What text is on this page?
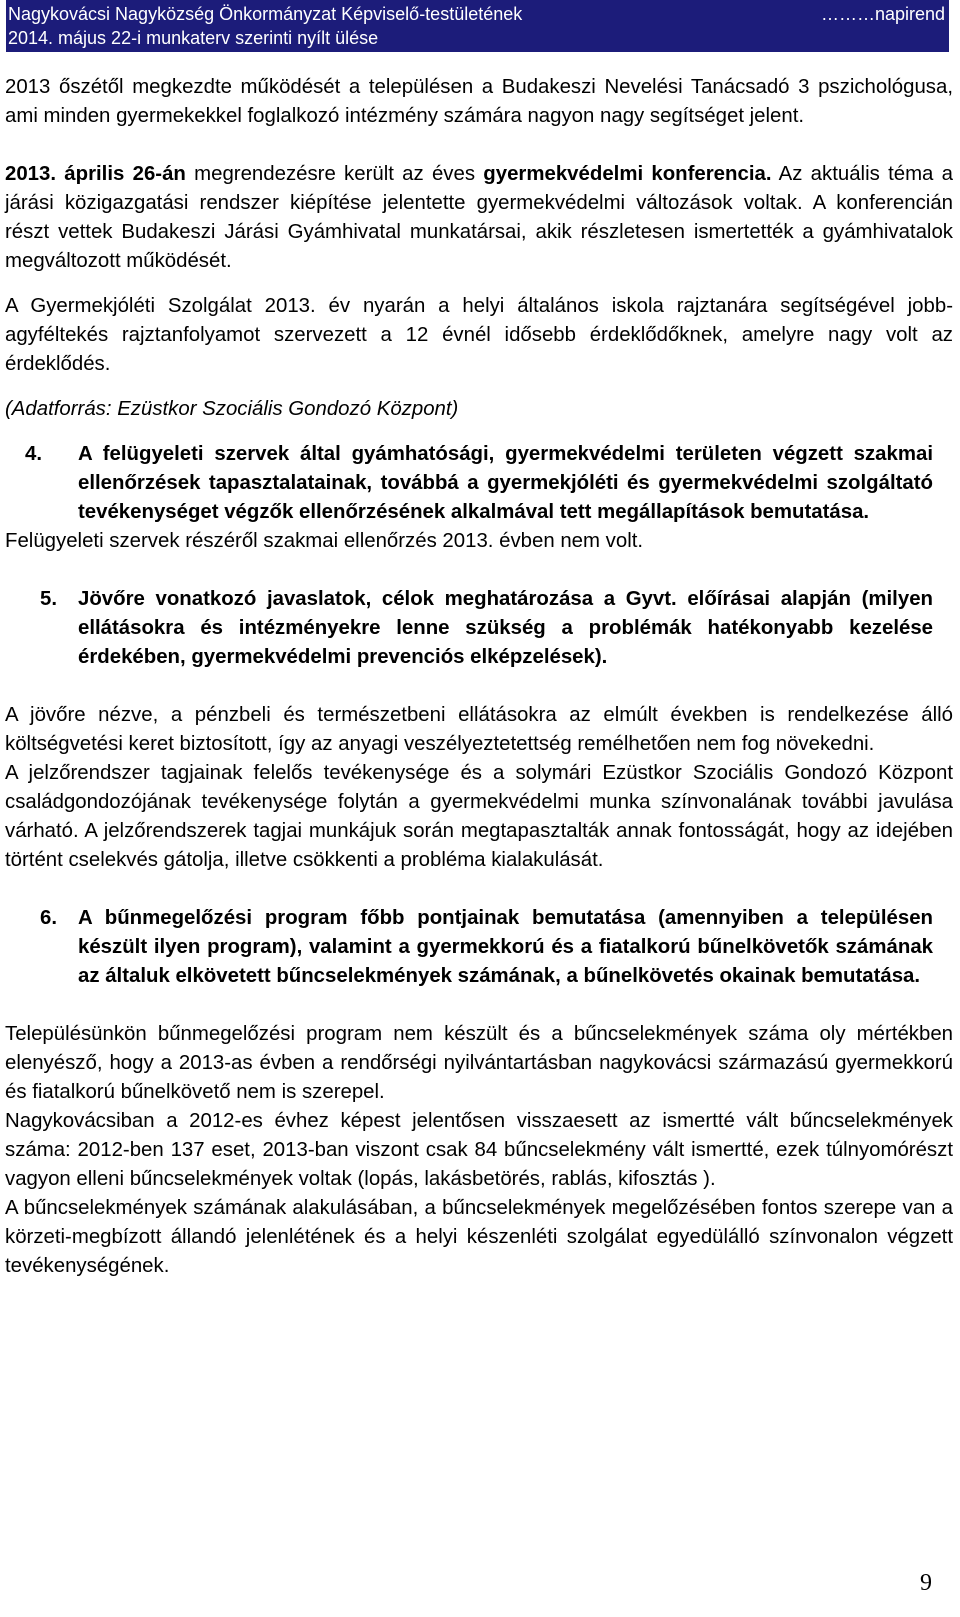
Nagykovácsi Nagyközség Önkormányzat Képviselő-testületének
2014. május 22-i munkaterv szerinti nyílt ülése
………napirend

2013 őszétől megkezdte működését a településen a Budakeszi Nevelési Tanácsadó 3 pszichológusa, ami minden gyermekekkel foglalkozó intézmény számára nagyon nagy segítséget jelent.

2013. április 26-án megrendezésre került az éves gyermekvédelmi konferencia. Az aktuális téma a járási közigazgatási rendszer kiépítése jelentette gyermekvédelmi változások voltak. A konferencián részt vettek Budakeszi Járási Gyámhivatal munkatársai, akik részletesen ismertették a gyámhivatalok megváltozott működését.

A Gyermekjóléti Szolgálat 2013. év nyarán a helyi általános iskola rajztanára segítségével jobb-agyféltekés rajztanfolyamot szervezett a 12 évnél idősebb érdeklődőknek, amelyre nagy volt az érdeklődés.

(Adatforrás: Ezüstkor Szociális Gondozó Központ)

4.	A felügyeleti szervek által gyámhatósági, gyermekvédelmi területen végzett szakmai ellenőrzések tapasztalatainak, továbbá a gyermekjóléti és gyermekvédelmi szolgáltató tevékenységet végzők ellenőrzésének alkalmával tett megállapítások bemutatása.

Felügyeleti szervek részéről szakmai ellenőrzés 2013. évben nem volt.

5.	Jövőre vonatkozó javaslatok, célok meghatározása a Gyvt. előírásai alapján (milyen ellátásokra és intézményekre lenne szükség a problémák hatékonyabb kezelése érdekében, gyermekvédelmi prevenciós elképzelések).

A jövőre nézve, a pénzbeli és természetbeni ellátásokra az elmúlt években is rendelkezése álló költségvetési keret biztosított, így az anyagi veszélyeztetettség remélhetően nem fog növekedni.

A jelzőrendszer tagjainak felelős tevékenysége és a solymári Ezüstkor Szociális Gondozó Központ családgondozójának tevékenysége folytán a gyermekvédelmi munka színvonalának további javulása várható. A jelzőrendszerek tagjai munkájuk során megtapasztalták annak fontosságát, hogy az idejében történt cselekvés gátolja, illetve csökkenti a probléma kialakulását.

6.	A bűnmegelőzési program főbb pontjainak bemutatása (amennyiben a településen készült ilyen program), valamint a gyermekkorú és a fiatalkorú bűnelkövetők számának az általuk elkövetett bűncselekmények számának, a bűnelkövetés okainak bemutatása.

Településünkön bűnmegelőzési program nem készült és a bűncselekmények száma oly mértékben elenyésző, hogy a 2013-as évben a rendőrségi nyilvántartásban nagykovácsi származású gyermekkorú és fiatalkorú bűnelkövető nem is szerepel.

Nagykovácsiban a 2012-es évhez képest jelentősen visszaesett az ismertté vált bűncselekmények száma: 2012-ben 137 eset, 2013-ban viszont csak 84 bűncselekmény vált ismertté, ezek túlnyomórészt vagyon elleni bűncselekmények voltak (lopás, lakásbetörés, rablás, kifosztás ).

A bűncselekmények számának alakulásában, a bűncselekmények megelőzésében fontos szerepe van a körzeti-megbízott állandó jelenlétének és a helyi készenléti szolgálat egyedülálló színvonalon végzett tevékenységének.

9
